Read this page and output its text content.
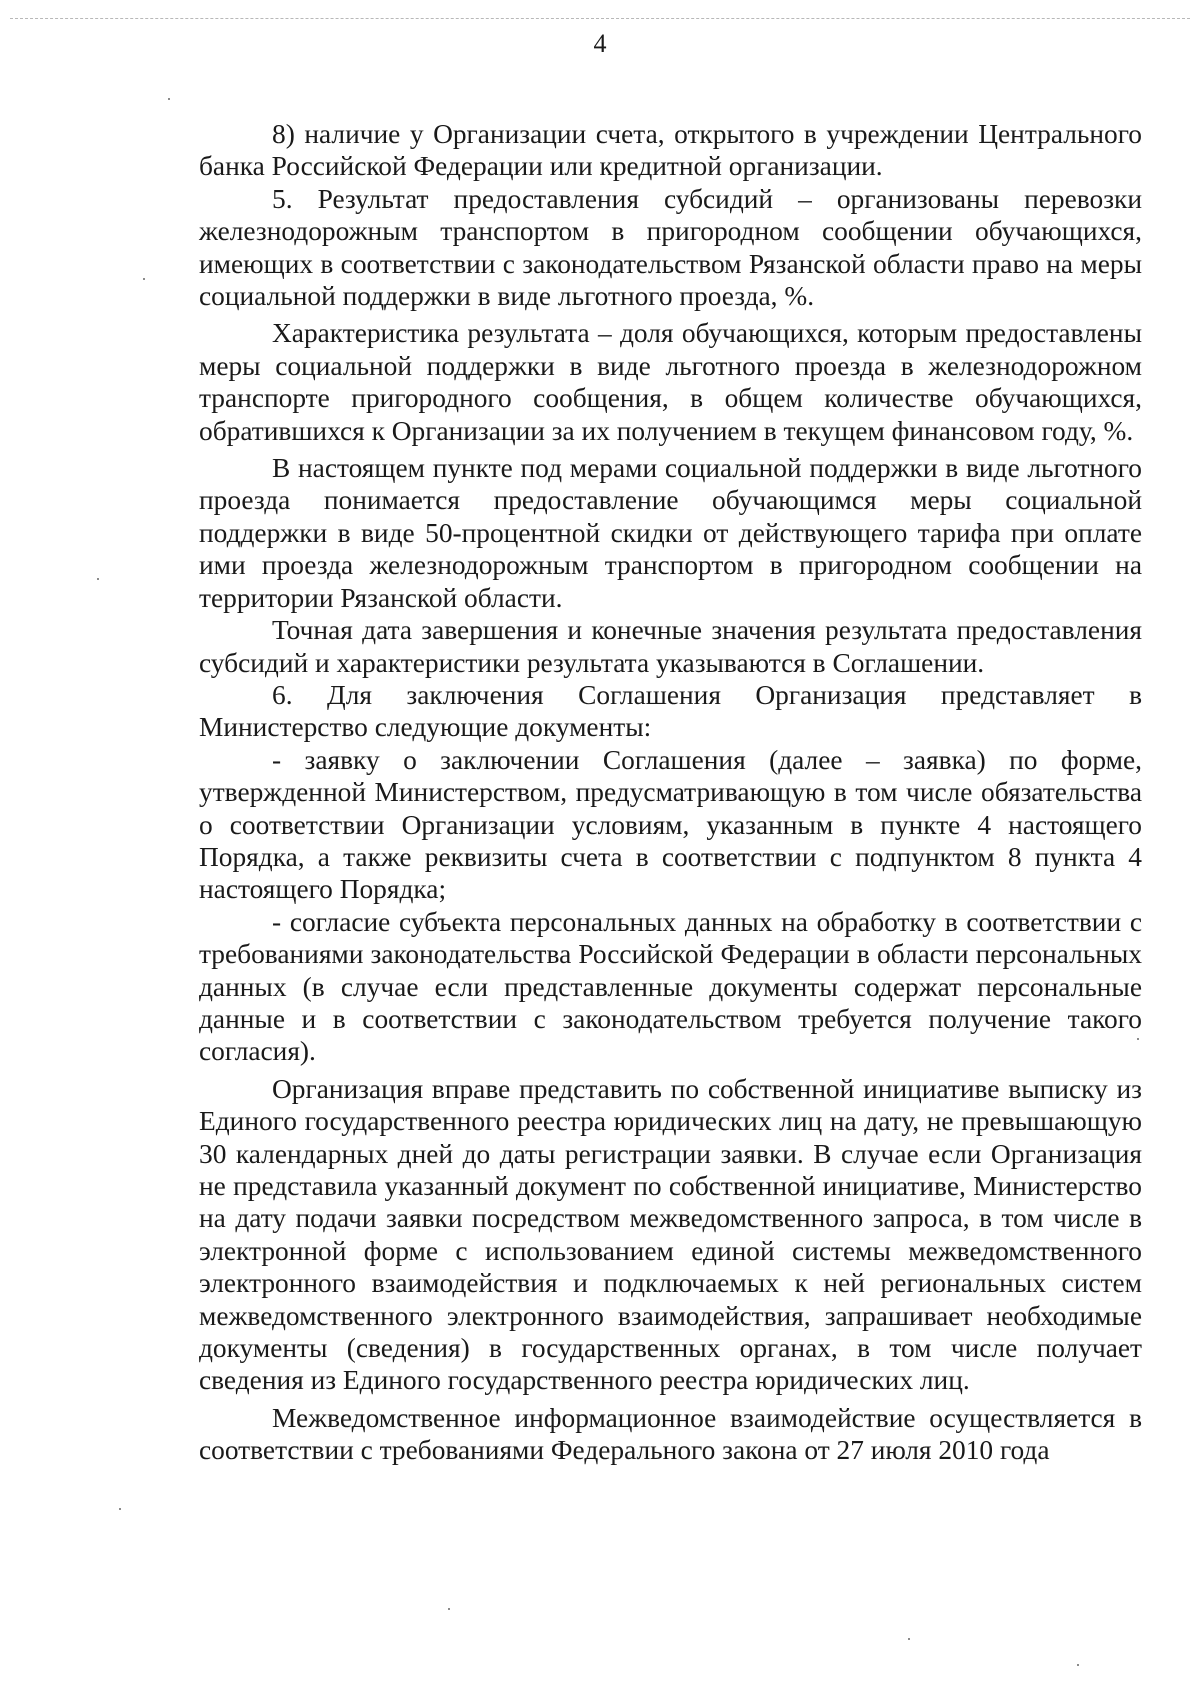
4

8) наличие у Организации счета, открытого в учреждении Центрального банка Российской Федерации или кредитной организации.

5. Результат предоставления субсидий – организованы перевозки железнодорожным транспортом в пригородном сообщении обучающихся, имеющих в соответствии с законодательством Рязанской области право на меры социальной поддержки в виде льготного проезда, %.

Характеристика результата – доля обучающихся, которым предоставлены меры социальной поддержки в виде льготного проезда в железнодорожном транспорте пригородного сообщения, в общем количестве обучающихся, обратившихся к Организации за их получением в текущем финансовом году, %.

В настоящем пункте под мерами социальной поддержки в виде льготного проезда понимается предоставление обучающимся меры социальной поддержки в виде 50-процентной скидки от действующего тарифа при оплате ими проезда железнодорожным транспортом в пригородном сообщении на территории Рязанской области.

Точная дата завершения и конечные значения результата предоставления субсидий и характеристики результата указываются в Соглашении.

6. Для заключения Соглашения Организация представляет в Министерство следующие документы:

- заявку о заключении Соглашения (далее – заявка) по форме, утвержденной Министерством, предусматривающую в том числе обязательства о соответствии Организации условиям, указанным в пункте 4 настоящего Порядка, а также реквизиты счета в соответствии с подпунктом 8 пункта 4 настоящего Порядка;

- согласие субъекта персональных данных на обработку в соответствии с требованиями законодательства Российской Федерации в области персональных данных (в случае если представленные документы содержат персональные данные и в соответствии с законодательством требуется получение такого согласия).

Организация вправе представить по собственной инициативе выписку из Единого государственного реестра юридических лиц на дату, не превышающую 30 календарных дней до даты регистрации заявки. В случае если Организация не представила указанный документ по собственной инициативе, Министерство на дату подачи заявки посредством межведомственного запроса, в том числе в электронной форме с использованием единой системы межведомственного электронного взаимодействия и подключаемых к ней региональных систем межведомственного электронного взаимодействия, запрашивает необходимые документы (сведения) в государственных органах, в том числе получает сведения из Единого государственного реестра юридических лиц.

Межведомственное информационное взаимодействие осуществляется в соответствии с требованиями Федерального закона от 27 июля 2010 года
